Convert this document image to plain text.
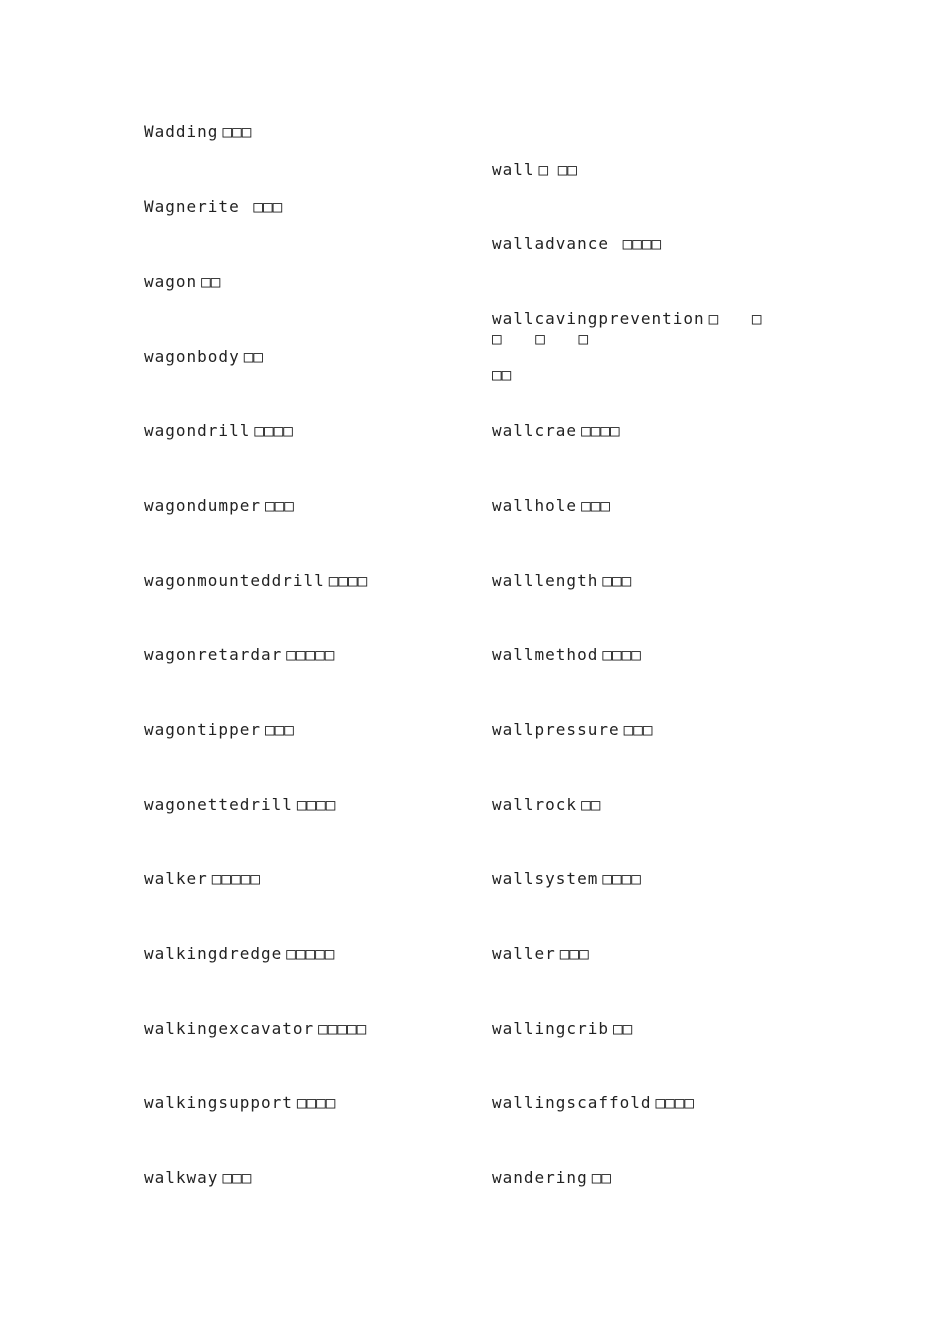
Wadding □□□
Wagnerite □□□
wagon □□
wagonbody □□
wagondrill □□□□
wagondumper □□□
wagonmounteddrill □□□□
wagonretardar □□□□□
wagontipper □□□
wagonettedrill □□□□
walker □□□□□
walkingdredge □□□□□
walkingexcavator □□□□□
walkingsupport □□□□
walkway □□□
wall □ □□
walladvance □□□□
wallcavingprevention □ □ □ □ □
□□
wallcrae □□□□
wallhole □□□
walllength □□□
wallmethod □□□□
wallpressure □□□
wallrock □□
wallsystem □□□□
waller □□□
wallingcrib □□
wallingscaffold □□□□
wandering □□
